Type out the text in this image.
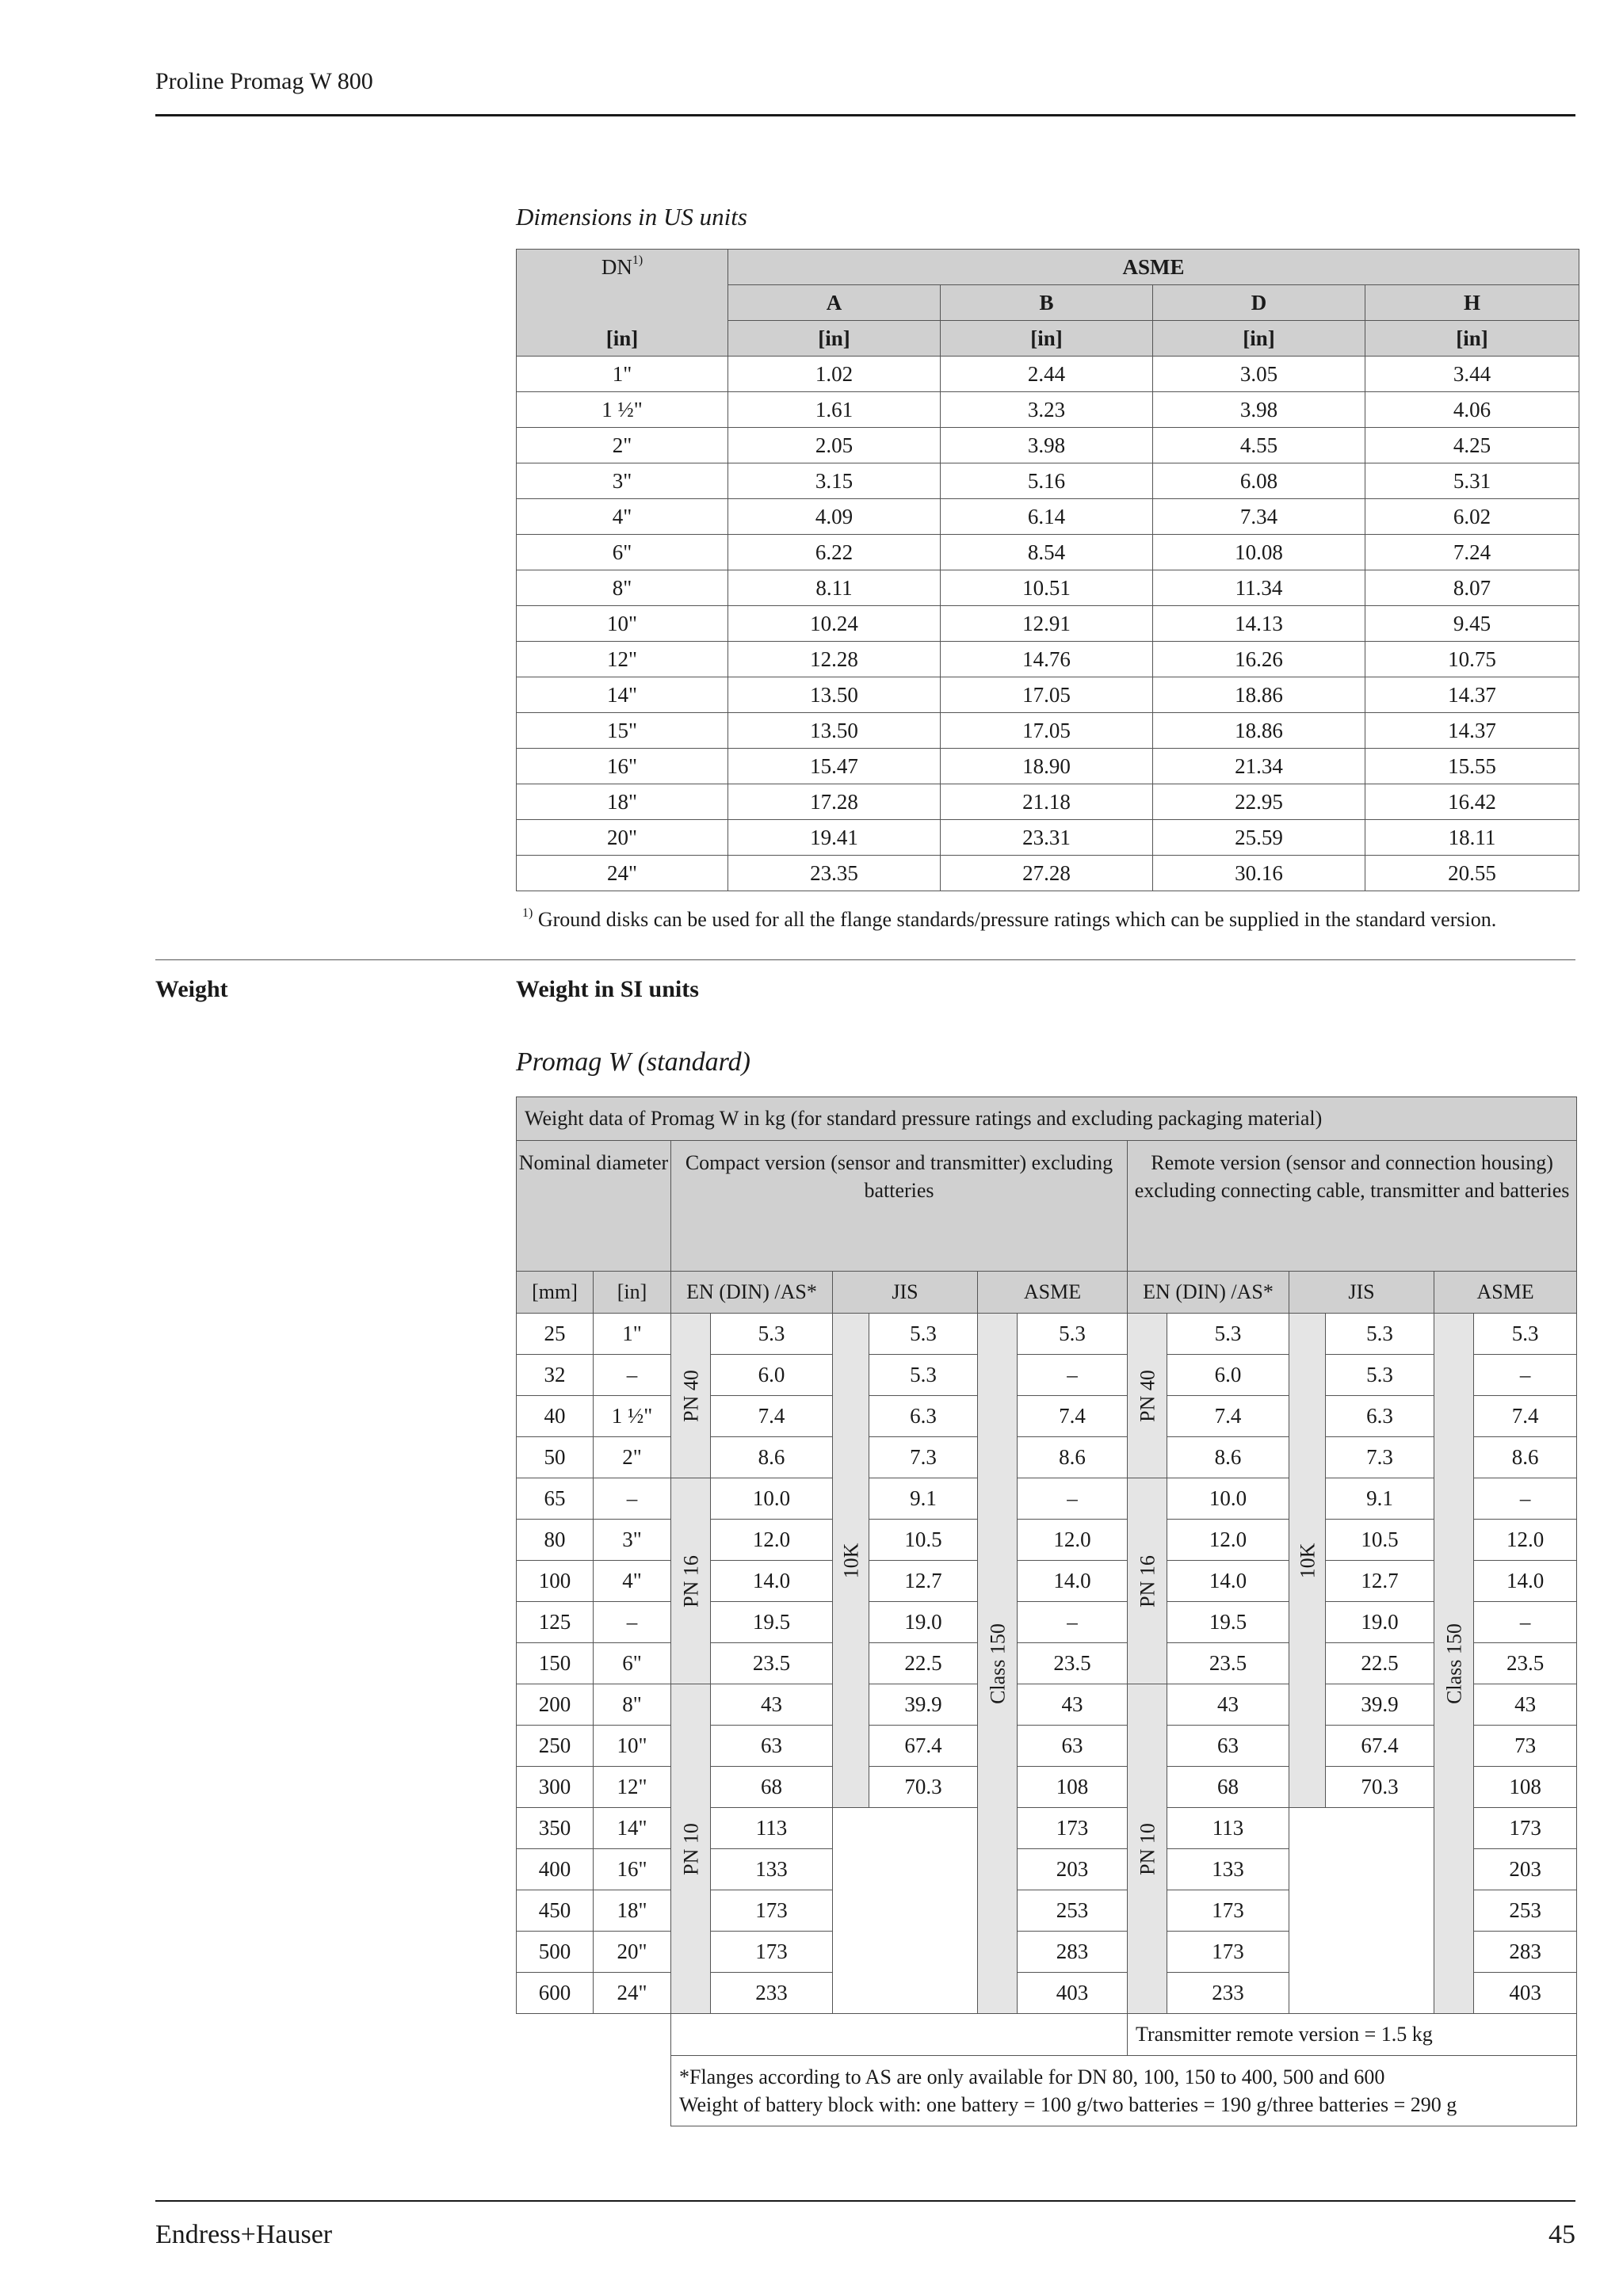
Proline Promag W 800
Dimensions in US units
DN$^{1)}$	ASME			
	A	B	D	H
[in]	[in]	[in]	[in]	[in]
1"	1.02	2.44	3.05	3.44
1 ½"	1.61	3.23	3.98	4.06
2"	2.05	3.98	4.55	4.25
3"	3.15	5.16	6.08	5.31
4"	4.09	6.14	7.34	6.02
6"	6.22	8.54	10.08	7.24
8"	8.11	10.51	11.34	8.07
10"	10.24	12.91	14.13	9.45
12"	12.28	14.76	16.26	10.75
14"	13.50	17.05	18.86	14.37
15"	13.50	17.05	18.86	14.37
16"	15.47	18.90	21.34	15.55
18"	17.28	21.18	22.95	16.42
20"	19.41	23.31	25.59	18.11
24"	23.35	27.28	30.16	20.55
$^{1)}$ Ground disks can be used for all the flange standards/pressure ratings which can be supplied in the standard version.
Weight	Weight in SI units
Promag W (standard)
Weight data of Promag W in kg (for standard pressure ratings and excluding packaging material)													
Nominal diameter		Compact version (sensor and transmitter) excluding batteries						Remote version (sensor and connection housing) excluding connecting cable, transmitter and batteries					
[mm]	[in]	EN (DIN) /AS*		JIS		ASME		EN (DIN) /AS*		JIS		ASME	
25	1"	PN 40	5.3	10K	5.3	Class 150	5.3	PN 40	5.3	10K	5.3	Class 150	5.3
32	–		6.0		5.3		–		6.0		5.3		–
40	1 ½"		7.4		6.3		7.4		7.4		6.3		7.4
50	2"		8.6		7.3		8.6		8.6		7.3		8.6
65	–	PN 16	10.0		9.1		–	PN 16	10.0		9.1		–
80	3"		12.0		10.5		12.0		12.0		10.5		12.0
100	4"		14.0		12.7		14.0		14.0		12.7		14.0
125	–		19.5		19.0		–		19.5		19.0		–
150	6"		23.5		22.5		23.5		23.5		22.5		23.5
200	8"	PN 10	43		39.9		43	PN 10	43		39.9		43
250	10"		63		67.4		63		63		67.4		73
300	12"		68		70.3		108		68		70.3		108
350	14"		113				173		113				173
400	16"		133				203		133				203
450	18"		173				253		173				253
500	20"		173				283		173				283
600	24"		233				403		233				403
								Transmitter remote version = 1.5 kg					

		*Flanges according to AS are only available for DN 80, 100, 150 to 400, 500 and 600
Weight of battery block with: one battery = 100 g/two batteries = 190 g/three batteries = 290 g											
Endress+Hauser	45
